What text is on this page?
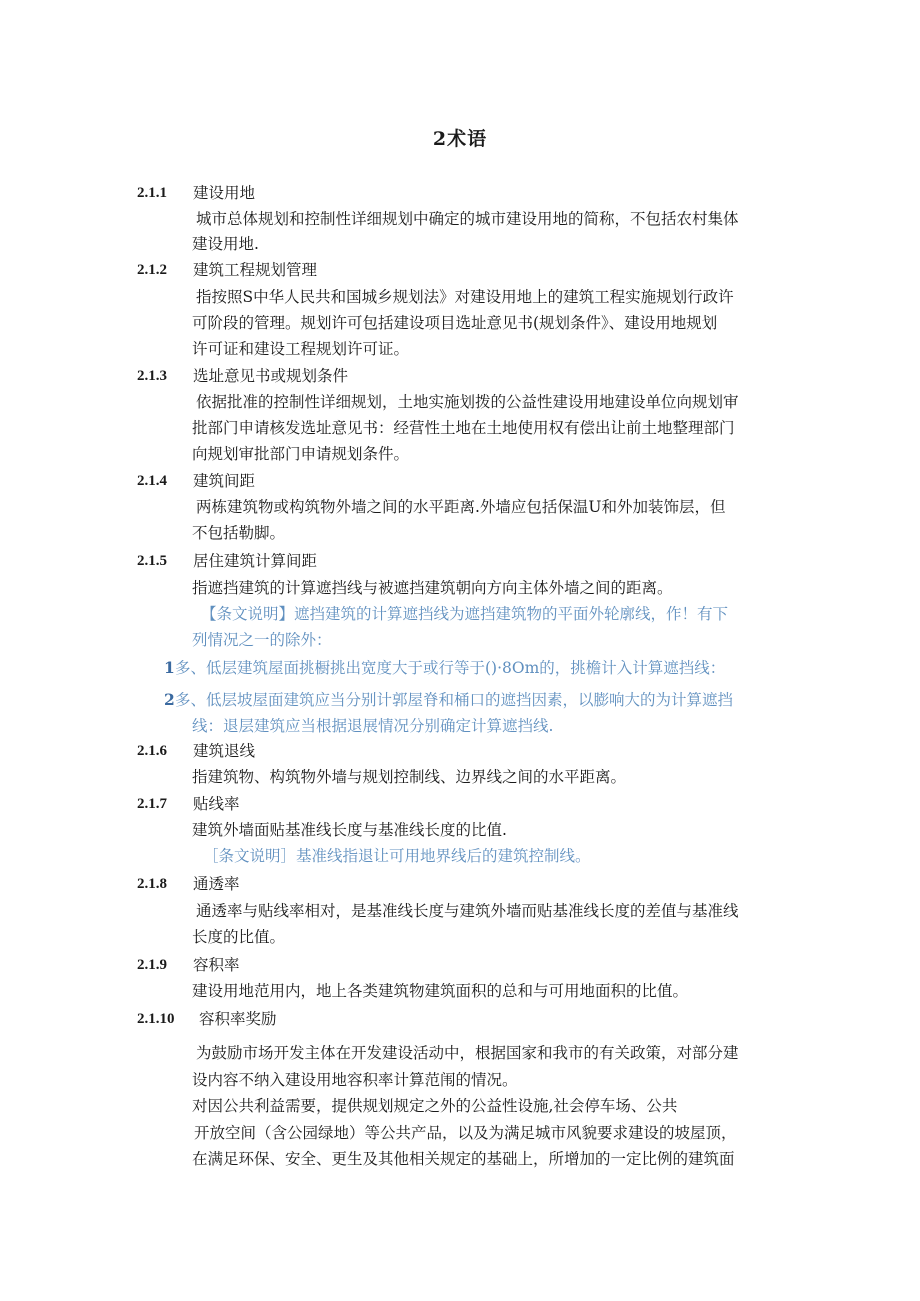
2术语
2.1.1 建设用地
城市总体规划和控制性详细规划中确定的城市建设用地的简称，不包括农村集体
建设用地.
2.1.2 建筑工程规划管理
指按照S中华人民共和国城乡规划法》对建设用地上的建筑工程实施规划行政许
可阶段的管理。规划许可包括建设项目选址意见书(规划条件》、建设用地规划
许可证和建设工程规划许可证。
2.1.3 选址意见书或规划条件
依据批准的控制性详细规划，土地实施划拨的公益性建设用地建设单位向规划审
批部门申请核发选址意见书：经营性土地在土地使用权有偿出让前土地整理部门
向规划审批部门申请规划条件。
2.1.4 建筑间距
两栋建筑物或构筑物外墙之间的水平距离.外墙应包括保温U和外加装饰层，但
不包括勒脚。
2.1.5 居住建筑计算间距
指遮挡建筑的计算遮挡线与被遮挡建筑朝向方向主体外墙之间的距离。
【条文说明】遮挡建筑的计算遮挡线为遮挡建筑物的平面外轮廓线，作！有下
列情况之一的除外：
1 多、低层建筑屋面挑橱挑出宽度大于或行等于()·8Om的，挑檐计入计算遮挡线：
2 多、低层坡屋面建筑应当分别计郭屋脊和桶口的遮挡因素，以膨响大的为计算遮挡
线：退层建筑应当根据退展情况分别确定计算遮挡线.
2.1.6 建筑退线
指建筑物、构筑物外墙与规划控制线、边界线之间的水平距离。
2.1.7 贴线率
建筑外墙面贴基准线长度与基准线长度的比值.
［条文说明］基准线指退让可用地界线后的建筑控制线。
2.1.8 通透率
通透率与贴线率相对，是基准线长度与建筑外墙而贴基准线长度的差值与基准线
长度的比值。
2.1.9 容积率
建设用地范用内，地上各类建筑物建筑面积的总和与可用地面积的比值。
2.1.10 容积率奖励
为鼓励市场开发主体在开发建设活动中，根据国家和我市的有关政策，对部分建
设内容不纳入建设用地容积率计算范闱的情况。
对因公共利益需要，提供规划规定之外的公益性设施,社会停车场、公共
开放空间（含公园绿地）等公共产品，以及为满足城市风貌要求建设的坡屋顶，
在满足环保、安全、更生及其他相关规定的基础上，所增加的一定比例的建筑面
